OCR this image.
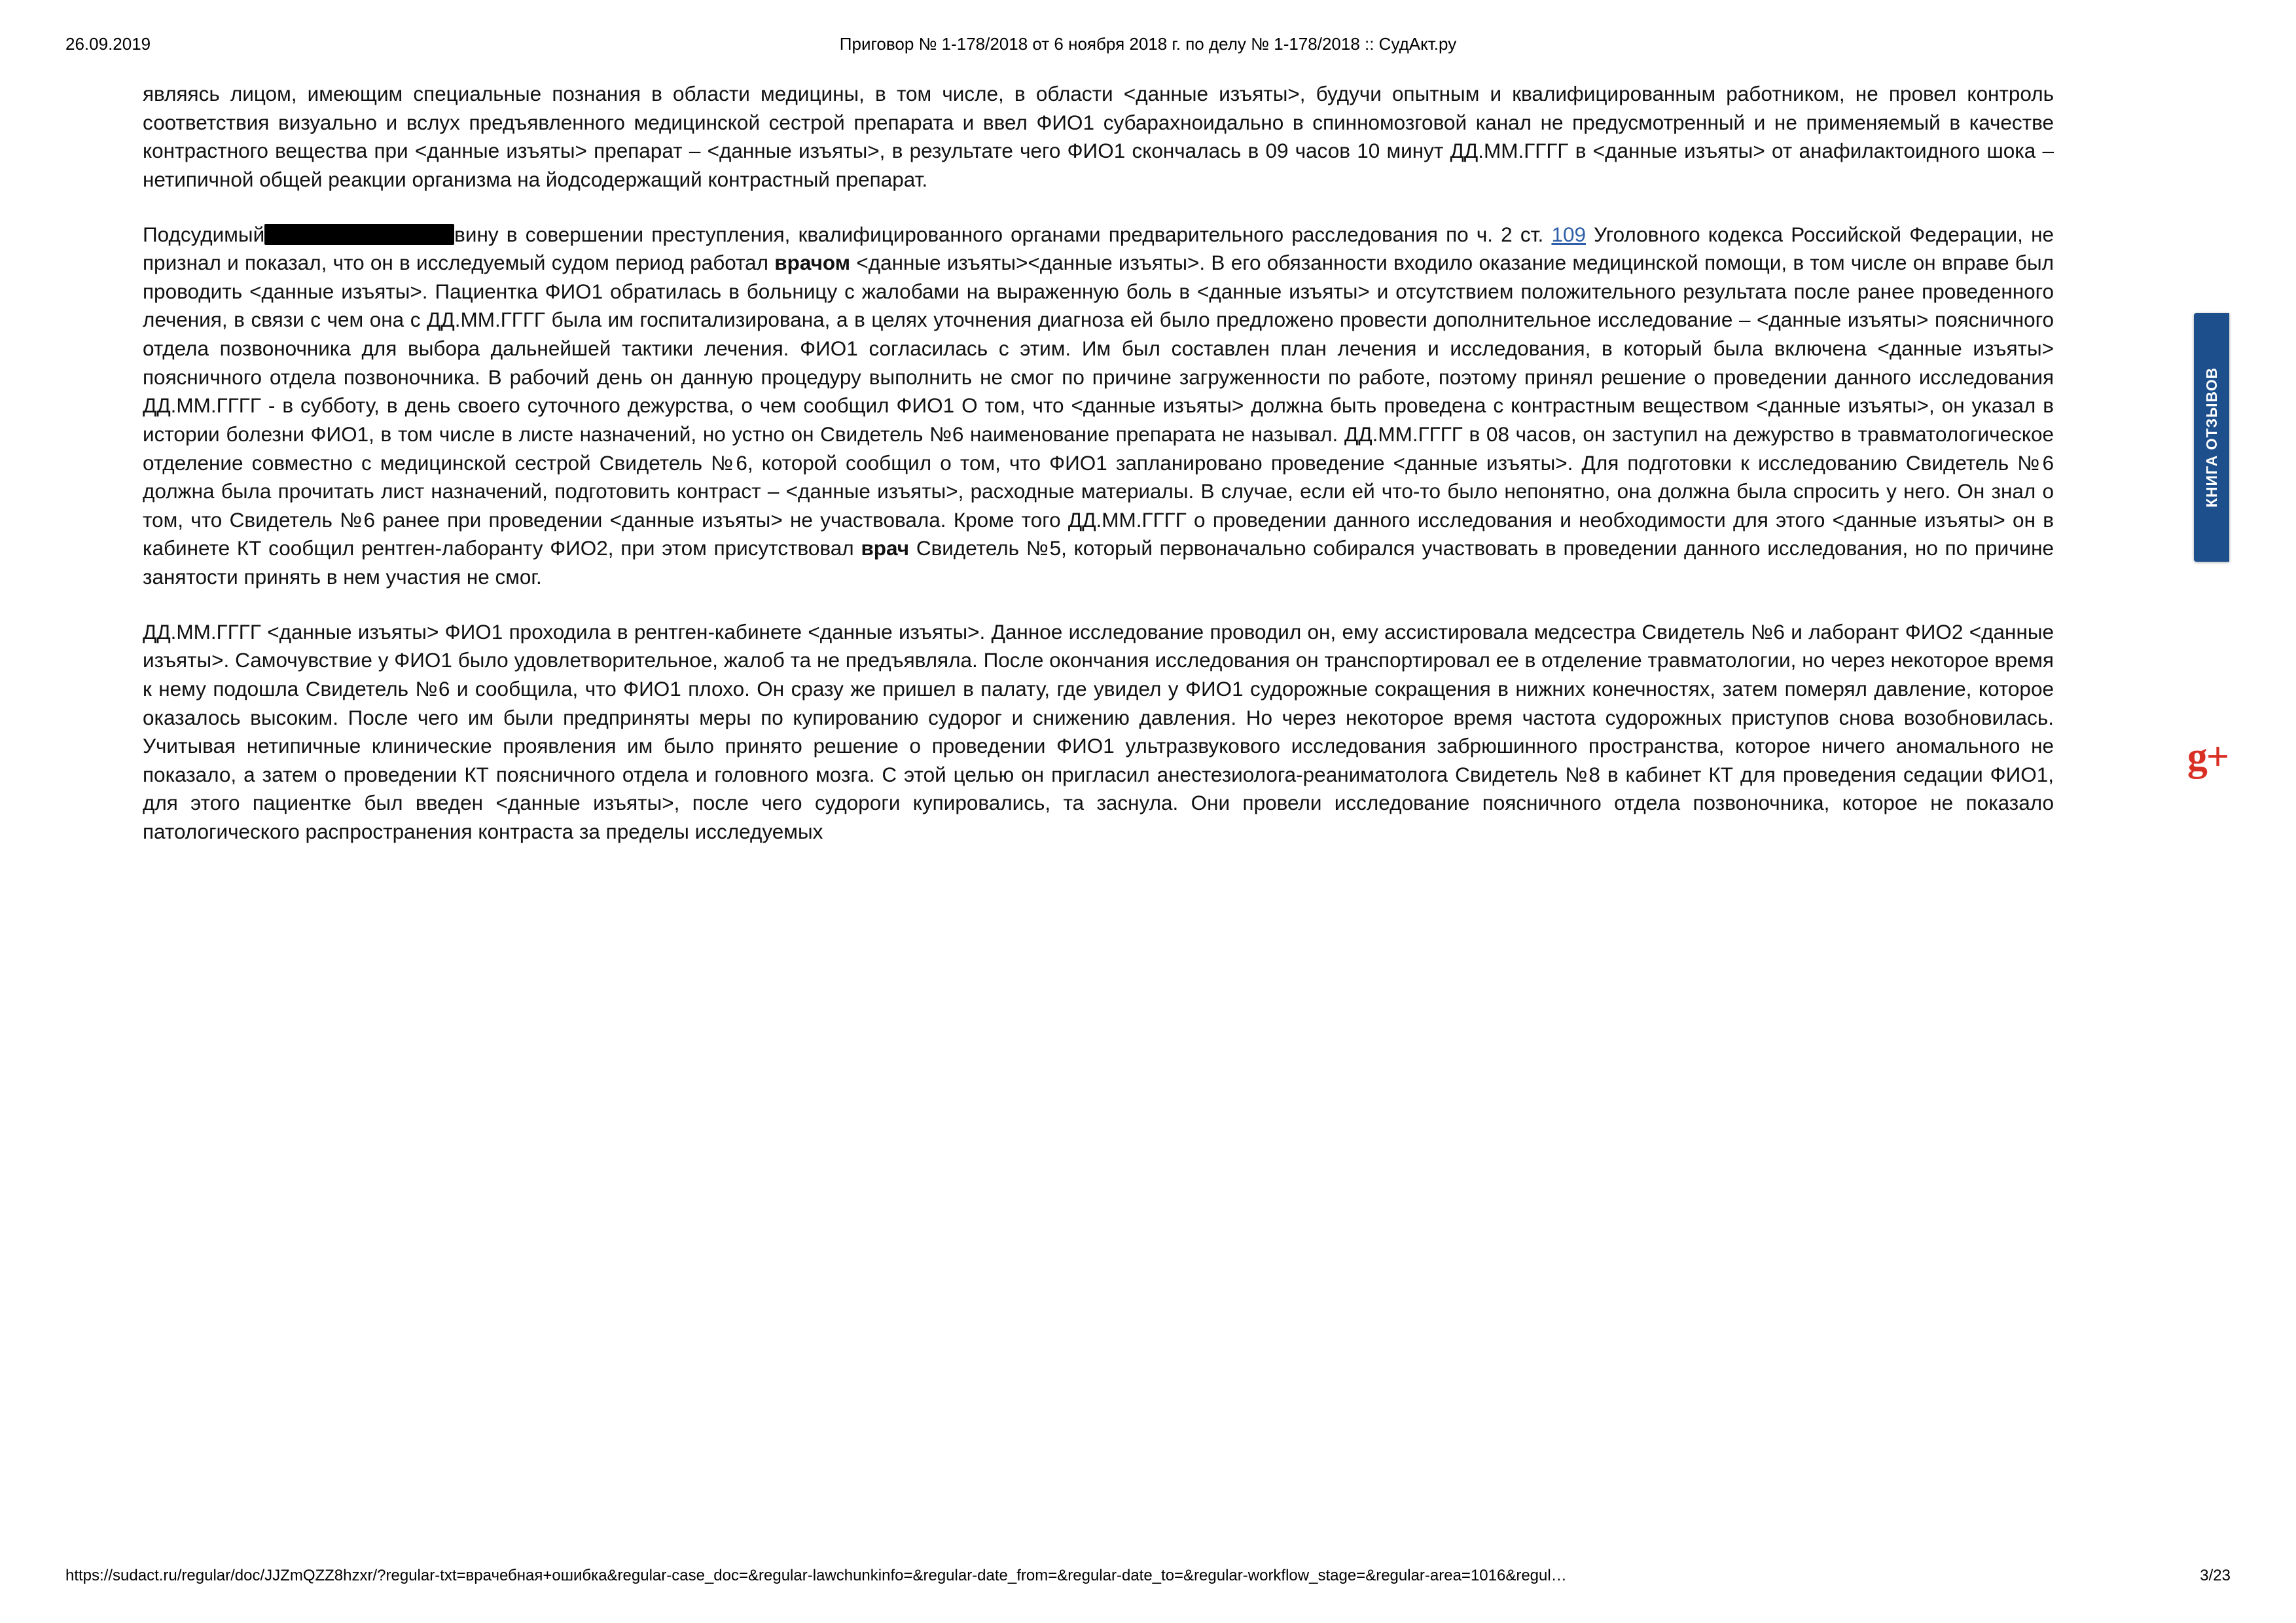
26.09.2019	Приговор № 1-178/2018 от 6 ноября 2018 г. по делу № 1-178/2018 :: СудАкт.ру

являясь лицом, имеющим специальные познания в области медицины, в том числе, в области <данные изъяты>, будучи опытным и квалифицированным работником, не провел контроль соответствия визуально и вслух предъявленного медицинской сестрой препарата и ввел ФИО1 субарахноидально в спинномозговой канал не предусмотренный и не применяемый в качестве контрастного вещества при <данные изъяты> препарат – <данные изъяты>, в результате чего ФИО1 скончалась в 09 часов 10 минут ДД.ММ.ГГГГ в <данные изъяты> от анафилактоидного шока – нетипичной общей реакции организма на йодсодержащий контрастный препарат.

Подсудимый	вину в совершении преступления, квалифицированного органами предварительного расследования по ч. 2 ст. 109 Уголовного кодекса Российской Федерации, не признал и показал, что он в исследуемый судом период работал врачом <данные изъяты><данные изъяты>. В его обязанности входило оказание медицинской помощи, в том числе он вправе был проводить <данные изъяты>. Пациентка ФИО1 обратилась в больницу с жалобами на выраженную боль в <данные изъяты> и отсутствием положительного результата после ранее проведенного лечения, в связи с чем она с ДД.ММ.ГГГГ была им госпитализирована, а в целях уточнения диагноза ей было предложено провести дополнительное исследование – <данные изъяты> поясничного отдела позвоночника для выбора дальнейшей тактики лечения. ФИО1 согласилась с этим. Им был составлен план лечения и исследования, в который была включена <данные изъяты> поясничного отдела позвоночника. В рабочий день он данную процедуру выполнить не смог по причине загруженности по работе, поэтому принял решение о проведении данного исследования ДД.ММ.ГГГГ - в субботу, в день своего суточного дежурства, о чем сообщил ФИО1 О том, что <данные изъяты> должна быть проведена с контрастным веществом <данные изъяты>, он указал в истории болезни ФИО1, в том числе в листе назначений, но устно он Свидетель №6 наименование препарата не называл. ДД.ММ.ГГГГ в 08 часов, он заступил на дежурство в травматологическое отделение совместно с медицинской сестрой Свидетель №6, которой сообщил о том, что ФИО1 запланировано проведение <данные изъяты>. Для подготовки к исследованию Свидетель №6 должна была прочитать лист назначений, подготовить контраст – <данные изъяты>, расходные материалы. В случае, если ей что-то было непонятно, она должна была спросить у него. Он знал о том, что Свидетель №6 ранее при проведении <данные изъяты> не участвовала. Кроме того ДД.ММ.ГГГГ о проведении данного исследования и необходимости для этого <данные изъяты> он в кабинете КТ сообщил рентген-лаборанту ФИО2, при этом присутствовал врач Свидетель №5, который первоначально собирался участвовать в проведении данного исследования, но по причине занятости принять в нем участия не смог.

ДД.ММ.ГГГГ <данные изъяты> ФИО1 проходила в рентген-кабинете <данные изъяты>. Данное исследование проводил он, ему ассистировала медсестра Свидетель №6 и лаборант ФИО2 <данные изъяты>. Самочувствие у ФИО1 было удовлетворительное, жалоб та не предъявляла. После окончания исследования он транспортировал ее в отделение травматологии, но через некоторое время к нему подошла Свидетель №6 и сообщила, что ФИО1 плохо. Он сразу же пришел в палату, где увидел у ФИО1 судорожные сокращения в нижних конечностях, затем померял давление, которое оказалось высоким. После чего им были предприняты меры по купированию судорог и снижению давления. Но через некоторое время частота судорожных приступов снова возобновилась. Учитывая нетипичные клинические проявления им было принято решение о проведении ФИО1 ультразвукового исследования забрюшинного пространства, которое ничего аномального не показало, а затем о проведении КТ поясничного отдела и головного мозга. С этой целью он пригласил анестезиолога-реаниматолога Свидетель №8 в кабинет КТ для проведения седации ФИО1, для этого пациентке был введен <данные изъяты>, после чего судороги купировались, та заснула. Они провели исследование поясничного отдела позвоночника, которое не показало патологического распространения контраста за пределы исследуемых

КНИГА ОТЗЫВОВ
g+
https://sudact.ru/regular/doc/JJZmQZZ8hzxr/?regular-txt=врачебная+ошибка&regular-case_doc=&regular-lawchunkinfo=&regular-date_from=&regular-date_to=&regular-workflow_stage=&regular-area=1016&regul…	3/23
